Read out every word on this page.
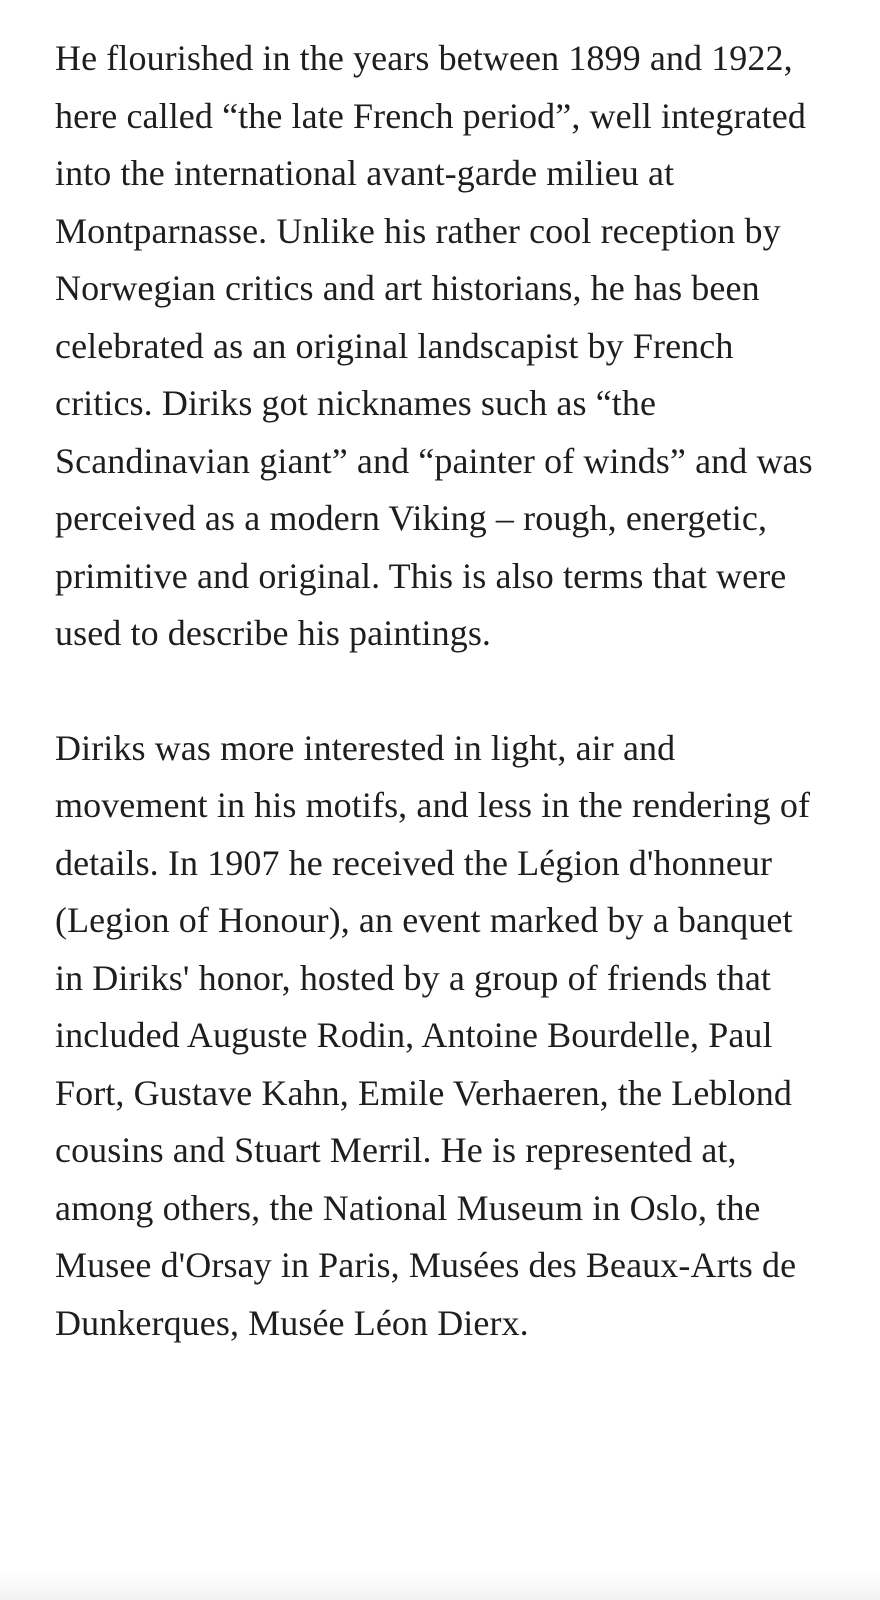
He flourished in the years between 1899 and 1922, here called “the late French period”, well integrated into the international avant-garde milieu at Montparnasse. Unlike his rather cool reception by Norwegian critics and art historians, he has been celebrated as an original landscapist by French critics. Diriks got nicknames such as “the Scandinavian giant” and “painter of winds” and was perceived as a modern Viking – rough, energetic, primitive and original. This is also terms that were used to describe his paintings.

Diriks was more interested in light, air and movement in his motifs, and less in the rendering of details. In 1907 he received the Légion d'honneur (Legion of Honour), an event marked by a banquet in Diriks' honor, hosted by a group of friends that included Auguste Rodin, Antoine Bourdelle, Paul Fort, Gustave Kahn, Emile Verhaeren, the Leblond cousins and Stuart Merril. He is represented at, among others, the National Museum in Oslo, the Musee d'Orsay in Paris, Musées des Beaux-Arts de Dunkerques, Musée Léon Dierx.
